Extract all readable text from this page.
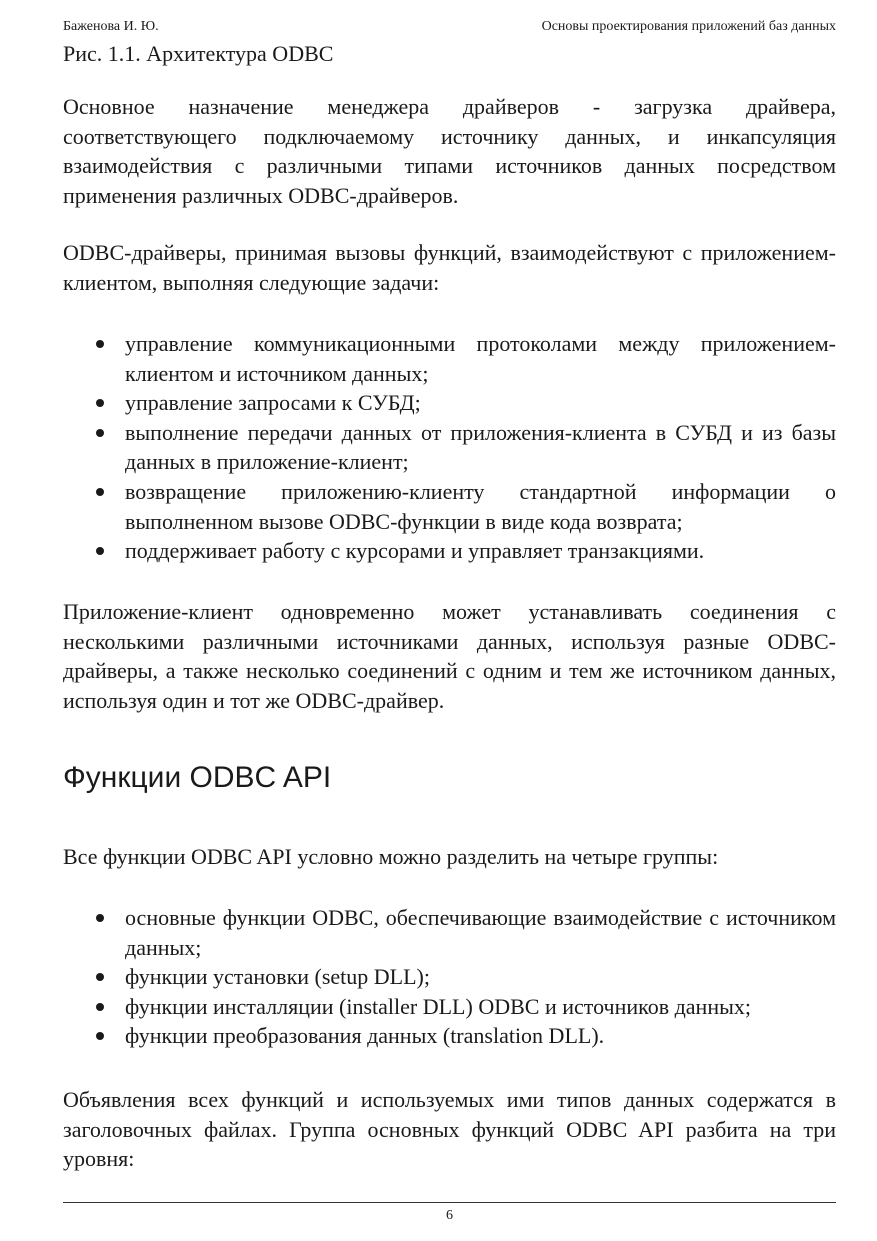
Баженова И. Ю.	Основы проектирования приложений баз данных
Рис. 1.1. Архитектура ODBC

Основное назначение менеджера драйверов - загрузка драйвера, соответствующего подключаемому источнику данных, и инкапсуляция взаимодействия с различными типами источников данных посредством применения различных ODBC-драйверов.

ODBC-драйверы, принимая вызовы функций, взаимодействуют с приложением-клиентом, выполняя следующие задачи:

управление коммуникационными протоколами между приложением-клиентом и источником данных;
управление запросами к СУБД;
выполнение передачи данных от приложения-клиента в СУБД и из базы данных в приложение-клиент;
возвращение приложению-клиенту стандартной информации о выполненном вызове ODBC-функции в виде кода возврата;
поддерживает работу с курсорами и управляет транзакциями.

Приложение-клиент одновременно может устанавливать соединения с несколькими различными источниками данных, используя разные ODBC-драйверы, а также несколько соединений с одним и тем же источником данных, используя один и тот же ODBC-драйвер.

Функции ODBC API

Все функции ODBC API условно можно разделить на четыре группы:

основные функции ODBC, обеспечивающие взаимодействие с источником данных;
функции установки (setup DLL);
функции инсталляции (installer DLL) ODBC и источников данных;
функции преобразования данных (translation DLL).

Объявления всех функций и используемых ими типов данных содержатся в заголовочных файлах. Группа основных функций ODBC API разбита на три уровня:

6
